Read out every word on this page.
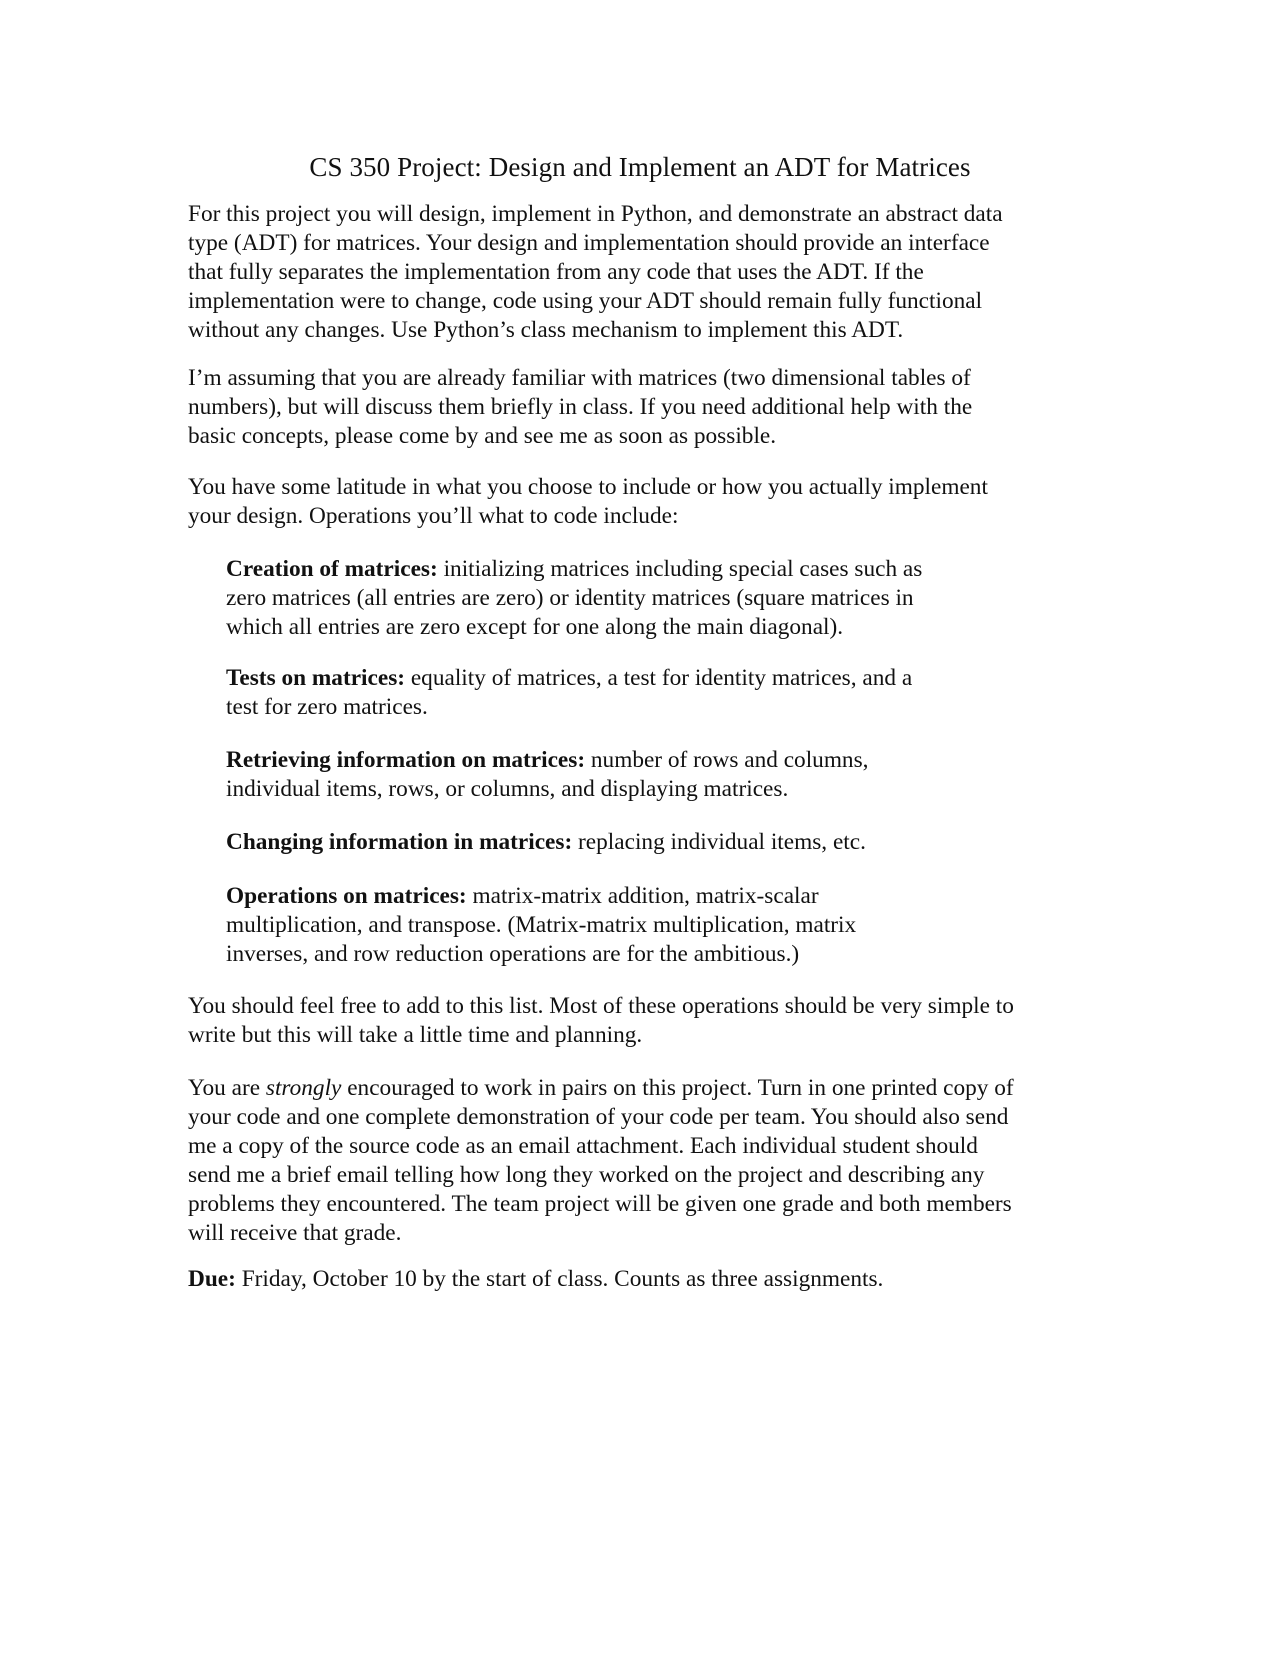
CS 350 Project: Design and Implement an ADT for Matrices

For this project you will design, implement in Python, and demonstrate an abstract data
type (ADT) for matrices. Your design and implementation should provide an interface
that fully separates the implementation from any code that uses the ADT. If the
implementation were to change, code using your ADT should remain fully functional
without any changes. Use Python’s class mechanism to implement this ADT.

I’m assuming that you are already familiar with matrices (two dimensional tables of
numbers), but will discuss them briefly in class. If you need additional help with the
basic concepts, please come by and see me as soon as possible.

You have some latitude in what you choose to include or how you actually implement
your design. Operations you’ll what to code include:

Creation of matrices: initializing matrices including special cases such as
zero matrices (all entries are zero) or identity matrices (square matrices in
which all entries are zero except for one along the main diagonal).

Tests on matrices: equality of matrices, a test for identity matrices, and a
test for zero matrices.

Retrieving information on matrices: number of rows and columns,
individual items, rows, or columns, and displaying matrices.

Changing information in matrices: replacing individual items, etc.

Operations on matrices: matrix-matrix addition, matrix-scalar
multiplication, and transpose. (Matrix-matrix multiplication, matrix
inverses, and row reduction operations are for the ambitious.)

You should feel free to add to this list. Most of these operations should be very simple to
write but this will take a little time and planning.

You are strongly encouraged to work in pairs on this project. Turn in one printed copy of
your code and one complete demonstration of your code per team. You should also send
me a copy of the source code as an email attachment. Each individual student should
send me a brief email telling how long they worked on the project and describing any
problems they encountered. The team project will be given one grade and both members
will receive that grade.

Due: Friday, October 10 by the start of class. Counts as three assignments.
